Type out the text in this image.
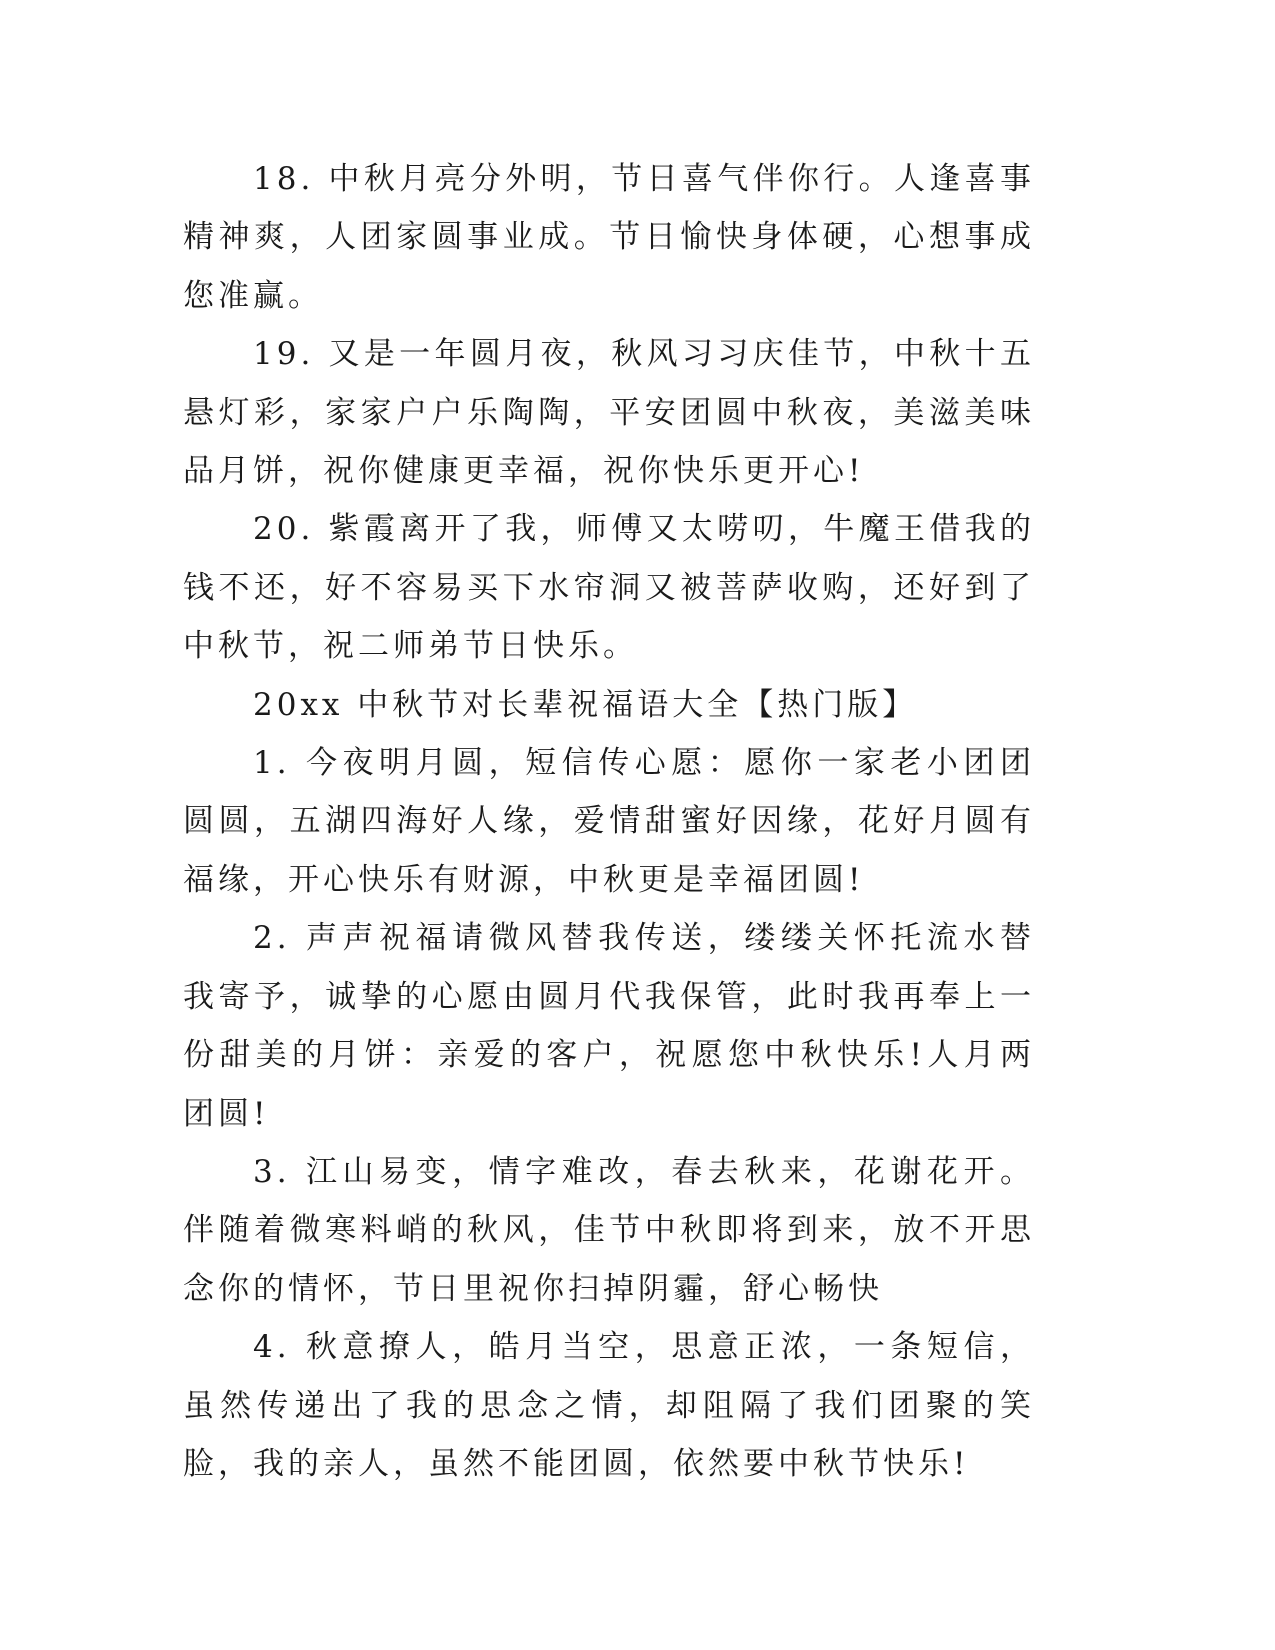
18. 中秋月亮分外明，节日喜气伴你行。人逢喜事精神爽，人团家圆事业成。节日愉快身体硬，心想事成您准赢。

19. 又是一年圆月夜，秋风习习庆佳节，中秋十五悬灯彩，家家户户乐陶陶，平安团圆中秋夜，美滋美味品月饼，祝你健康更幸福，祝你快乐更开心!

20. 紫霞离开了我，师傅又太唠叨，牛魔王借我的钱不还，好不容易买下水帘洞又被菩萨收购，还好到了中秋节，祝二师弟节日快乐。

20xx 中秋节对长辈祝福语大全【热门版】

1. 今夜明月圆，短信传心愿：愿你一家老小团团圆圆，五湖四海好人缘，爱情甜蜜好因缘，花好月圆有福缘，开心快乐有财源，中秋更是幸福团圆!

2. 声声祝福请微风替我传送，缕缕关怀托流水替我寄予，诚挚的心愿由圆月代我保管，此时我再奉上一份甜美的月饼：亲爱的客户，祝愿您中秋快乐!人月两团圆!

3. 江山易变，情字难改，春去秋来，花谢花开。伴随着微寒料峭的秋风，佳节中秋即将到来，放不开思念你的情怀，节日里祝你扫掉阴霾，舒心畅快

4. 秋意撩人，皓月当空，思意正浓，一条短信，虽然传递出了我的思念之情，却阻隔了我们团聚的笑脸，我的亲人，虽然不能团圆，依然要中秋节快乐!
